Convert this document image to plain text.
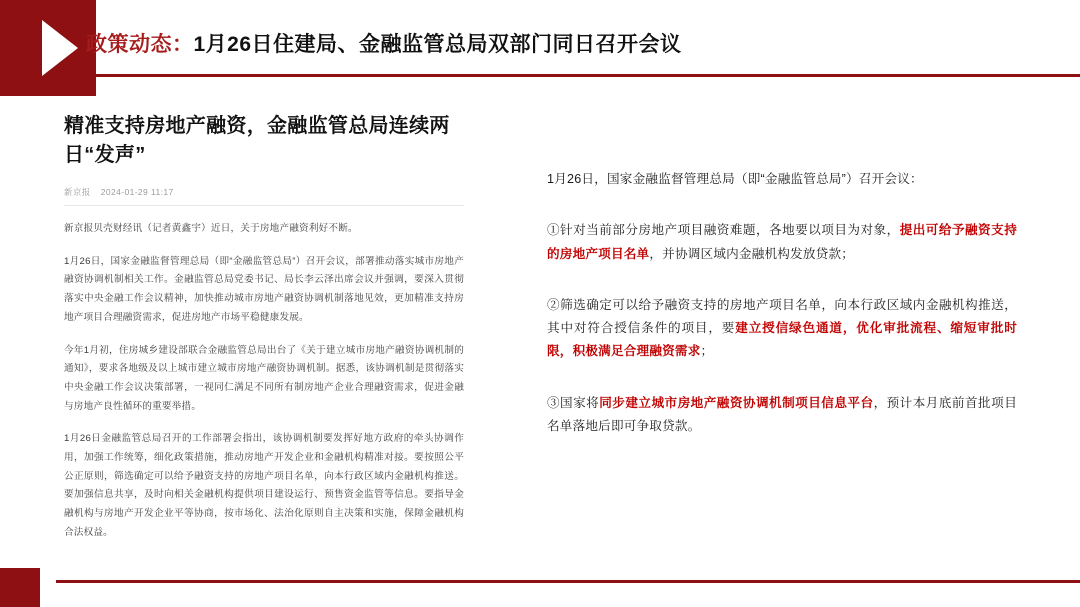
政策动态：1月26日住建局、金融监管总局双部门同日召开会议
精准支持房地产融资，金融监管总局连续两日“发声”
新京报 2024-01-29 11:17

新京报贝壳财经讯（记者黄鑫宇）近日，关于房地产融资利好不断。

1月26日，国家金融监督管理总局（即“金融监管总局”）召开会议，部署推动落实城市房地产融资协调机制相关工作。金融监管总局党委书记、局长李云泽出席会议并强调，要深入贯彻落实中央金融工作会议精神，加快推动城市房地产融资协调机制落地见效，更加精准支持房地产项目合理融资需求，促进房地产市场平稳健康发展。

今年1月初，住房城乡建设部联合金融监管总局出台了《关于建立城市房地产融资协调机制的通知》，要求各地级及以上城市建立城市房地产融资协调机制。据悉，该协调机制是贯彻落实中央金融工作会议决策部署，一视同仁满足不同所有制房地产企业合理融资需求，促进金融与房地产良性循环的重要举措。

1月26日金融监管总局召开的工作部署会指出，该协调机制要发挥好地方政府的牵头协调作用，加强工作统筹，细化政策措施，推动房地产开发企业和金融机构精准对接。要按照公平公正原则，筛选确定可以给予融资支持的房地产项目名单，向本行政区域内金融机构推送。要加强信息共享，及时向相关金融机构提供项目建设运行、预售资金监管等信息。要指导金融机构与房地产开发企业平等协商，按市场化、法治化原则自主决策和实施，保障金融机构合法权益。

1月26日，国家金融监督管理总局（即“金融监管总局”）召开会议：

①针对当前部分房地产项目融资难题，各地要以项目为对象，提出可给予融资支持的房地产项目名单，并协调区域内金融机构发放贷款；

②筛选确定可以给予融资支持的房地产项目名单，向本行政区域内金融机构推送，其中对符合授信条件的项目，要建立授信绿色通道，优化审批流程、缩短审批时限，积极满足合理融资需求；

③国家将同步建立城市房地产融资协调机制项目信息平台，预计本月底前首批项目名单落地后即可争取贷款。
